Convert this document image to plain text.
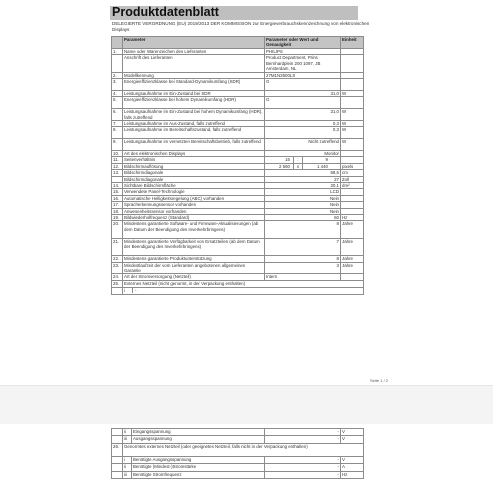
Produktdatenblatt
DELEGIERTE VERORDNUNG (EU) 2019/2013 DER KOMMISSION zur Energieverbrauchskennzeichnung von elektronischen Displays
	Parameter	Parameter oder Wert und Genauigkeit	Einheit
1.	Name oder Warenzeichen des Lieferanten	PHILIPS	
	Anschrift des Lieferanten	Product Department, Prins Bernhardplein 200 1097, JB Amsterdam, NL	
2.	Modellkennung	27M1N3500LS	
3.	Energieeffizienzklasse bei Standard-Dynamikumfang (SDR)	G	
4.	Leistungsaufnahme im Ein-Zustand bei SDR	31,0	W
5.	Energieeffizienzklasse bei hohem Dynamikumfang (HDR)	G	
6.	Leistungsaufnahme im Ein-Zustand bei hohem Dynamikumfang (HDR), falls zutreffend	31,0	W
7.	Leistungsaufnahme im Aus-Zustand, falls zutreffend	0,3	W
8.	Leistungsaufnahme im Bereitschaftszustand, falls zutreffend	0,3	W
9.	Leistungsaufnahme im vernetzten Bereitschaftsbetrieb, falls zutreffend	Nicht zutreffend	W
10.	Art des elektronischen Displays	Monitor	
11.	Seitenverhältnis	16 : 9	

12.	Bildschirmauflösung	2 560 x 1 440	pixels
13.	Bildschirmdiagonale	68,5	cm
	Bildschirmdiagonale	27	Zoll
14.	Sichtbare Bildschirmfläche	20,1	dm²
15.	Verwendete Panel-Technologie	LCD	
16.	Automatische Helligkeitsregelung (ABC) vorhanden	Nein	
17.	Spracherkennungssensor vorhanden	Nein	
18.	Anwesenheitssensor vorhanden	Nein	
19.	Bildwiederholfrequenz (Standard)	60	Hz
20.	Mindestens garantierte Software- und Firmware-Aktualisierungen (ab dem Datum der Beendigung des Inverkehrbringens)	8	Jahre
21.	Mindestens garantierte Verfügbarkeit von Ersatzteilen (ab dem Datum der Beendigung des Inverkehrbringens)	7	Jahre
22.	Mindestens garantierte Produktunterstützung	8	Jahre
23.	Mindestlaufzeit der vom Lieferanten angebotenen allgemeinen Garantie	3	Jahre
24.	Art der Stromversorgung (Netzteil)	Intern	
25.	Externes Netzteil (nicht genormt, in der Verpackung enthalten)		

	i -		
Seite 1 / 2
	ii	Eingangsspannung	-	V
	iii	Ausgangsspannung	-	V
26.	Genormtes externes Netzteil (oder geeignetes Netzteil, falls nicht in der Verpackung enthalten)			
	i	Benötigte Ausgangsspannung	-	V
	ii	Benötigte (Mindest-)Stromstärke	-	A
	iii	Benötigte Stromfrequenz	-	Hz
